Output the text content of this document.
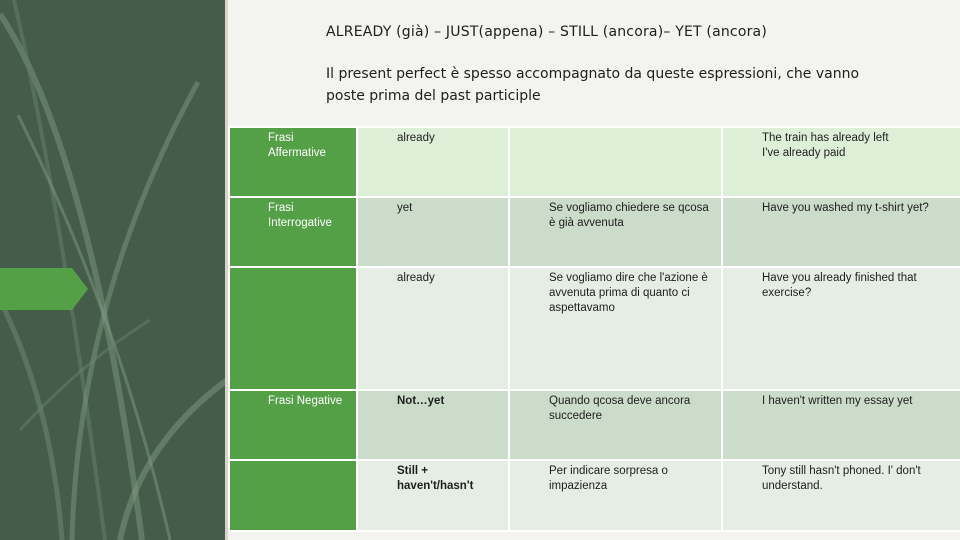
ALREADY (già) – JUST(appena) – STILL (ancora)– YET (ancora)
Il present perfect è spesso accompagnato da queste espressioni, che vanno poste prima del past participle
Frasi Affermative	already		The train has already left
I've already paid
Frasi Interrogative	yet	Se vogliamo chiedere se qcosa è già avvenuta	Have you washed my t-shirt yet?
	already	Se vogliamo dire che l'azione è avvenuta prima di quanto ci aspettavamo	Have you already finished that exercise?
Frasi Negative	Not…yet	Quando qcosa deve ancora succedere	I haven't written my essay yet
	Still + haven't/hasn't	Per indicare sorpresa o impazienza	Tony still hasn't phoned. I' don't understand.
